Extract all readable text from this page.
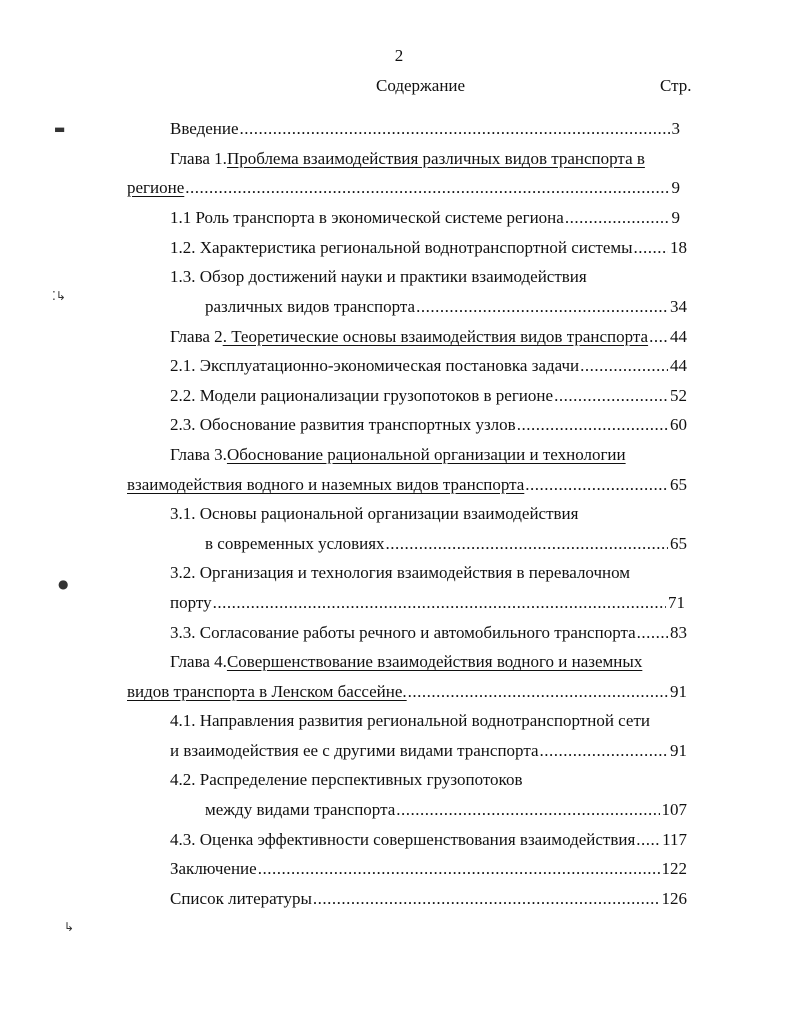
2
Содержание	Стр.
Введение .....	3
Глава 1. Проблема взаимодействия различных видов транспорта в
регионе .....	9
1.1 Роль транспорта в экономической системе региона .....	9
1.2. Характеристика региональной воднотранспортной системы ..... 18
1.3. Обзор достижений науки и практики взаимодействия
различных видов транспорта .....	34
Глава 2 . Теоретические основы взаимодействия видов транспорта ..... 44
2.1. Эксплуатационно-экономическая постановка задачи .....	44
2.2. Модели рационализации грузопотоков в регионе .....	52
2.3. Обоснование развития транспортных узлов .....	60
Глава 3. Обоснование рациональной организации и технологии
взаимодействия водного и наземных видов транспорта .....	65
3.1. Основы рациональной организации взаимодействия
в современных условиях .....	65
3.2. Организация и технология взаимодействия в перевалочном
порту .....	71
3.3. Согласование работы речного и автомобильного транспорта ..... 83
Глава 4. Совершенствование взаимодействия водного и наземных
видов транспорта в Ленском бассейне. .....	91
4.1. Направления развития региональной воднотранспортной сети
и взаимодействия ее с другими видами транспорта .....	91
4.2. Распределение перспективных грузопотоков
между видами транспорта .....	107
4.3. Оценка эффективности совершенствования взаимодействия ..... 117
Заключение .....	122
Список литературы .....	126
▬
⁚↳
●
↳
